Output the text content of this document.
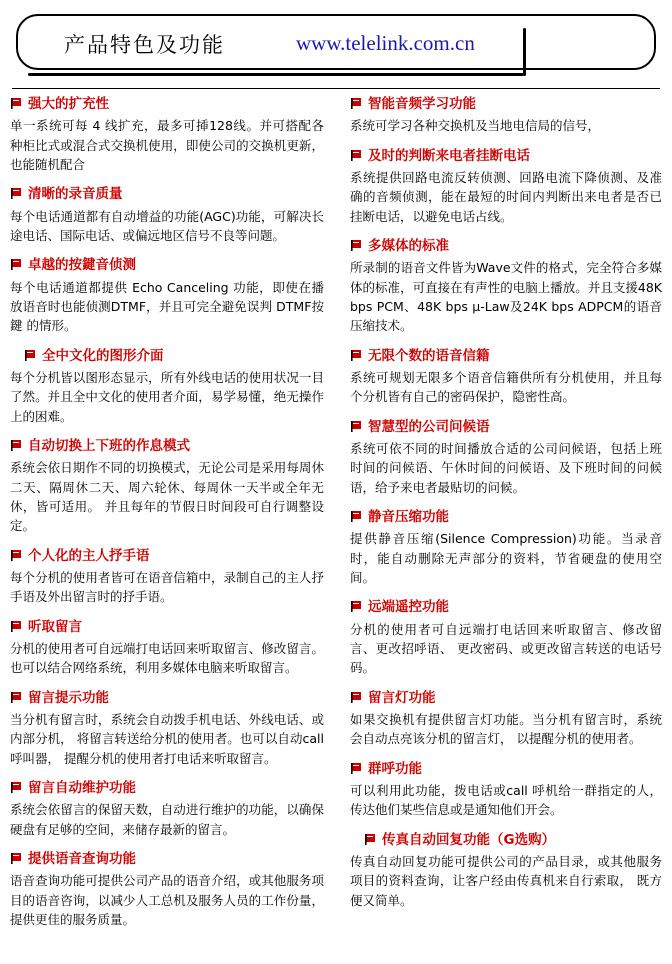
产品特色及功能	www.telelink.com.cn
强大的扩充性
单一系统可每 4 线扩充，最多可揷128线。并可搭配各种柜比式或混合式交换机使用，即使公司的交换机更新，也能随机配合
清晰的录音质量
每个电话通道都有自动增益的功能(AGC)功能，可解决长途电话、国际电话、或偏远地区信号不良等问题。
卓越的按鍵音侦测
每个电话通道都提供 Echo Canceling 功能，即使在播放语音时也能侦测DTMF，并且可完全避免误判 DTMF按鍵 的情形。
全中文化的图形介面
每个分机皆以图形态显示，所有外线电话的使用状况一目了然。并且全中文化的使用者介面，易学易懂，绝无操作上的困难。
自动切换上下班的作息模式
系统会依日期作不同的切换模式，无论公司是采用每周休二天、隔周休二天、周六轮休、每周休一天半或全年无休，皆可适用。 并且每年的节假日时间段可自行调整设定。
个人化的主人抒手语
每个分机的使用者皆可在语音信箱中，录制自己的主人抒手语及外出留言时的抒手语。
听取留言
分机的使用者可自远端打电话回来听取留言、修改留言。也可以结合网络系统，利用多媒体电脑来听取留言。
留言提示功能
当分机有留言时，系统会自动拨手机电话、外线电话、或内部分机， 将留言转送给分机的使用者。也可以自动call呼叫器， 提醒分机的使用者打电话来听取留言。
留言自动维护功能
系统会依留言的保留天数，自动进行维护的功能，以确保硬盘有足够的空间，来储存最新的留言。
提供语音查询功能
语音查询功能可提供公司产品的语音介绍，或其他服务项目的语音咨询，以减少人工总机及服务人员的工作份量，提供更佳的服务质量。
智能音频学习功能
系统可学习各种交换机及当地电信局的信号，
及时的判断来电者挂断电话
系统提供回路电流反转侦测、回路电流下降侦测、及准确的音频侦测，能在最短的时间内判断出来电者是否已挂断电话，以避免电话占线。
多媒体的标准
所录制的语音文件皆为Wave文件的格式，完全符合多媒体的标准，可直接在有声性的电脑上播放。并且支援48K bps PCM、48K bps μ-Law及24K bps ADPCM的语音压缩技术。
无限个数的语音信籍
系统可规划无限多个语音信籍供所有分机使用，并且每个分机皆有自己的密码保护，隐密性高。
智慧型的公司问候语
系统可依不同的时间播放合适的公司问候语，包括上班时间的问候语、午休时间的问候语、及下班时间的问候语，给予来电者最贴切的问候。
静音压缩功能
提供静音压缩(Silence Compression)功能。当录音时，能自动删除无声部分的资料，节省硬盘的使用空间。
远端遥控功能
分机的使用者可自远端打电话回来听取留言、修改留言、更改招呼语、 更改密码、或更改留言转送的电话号码。
留言灯功能
如果交换机有提供留言灯功能。当分机有留言时，系统会自动点亮该分机的留言灯， 以提醒分机的使用者。
群呼功能
可以利用此功能，拨电话或call 呼机给一群指定的人，传达他们某些信息或是通知他们开会。
传真自动回复功能（G选购）
传真自动回复功能可提供公司的产品目录，或其他服务项目的资料查询，让客户经由传真机来自行索取， 既方便又简单。
